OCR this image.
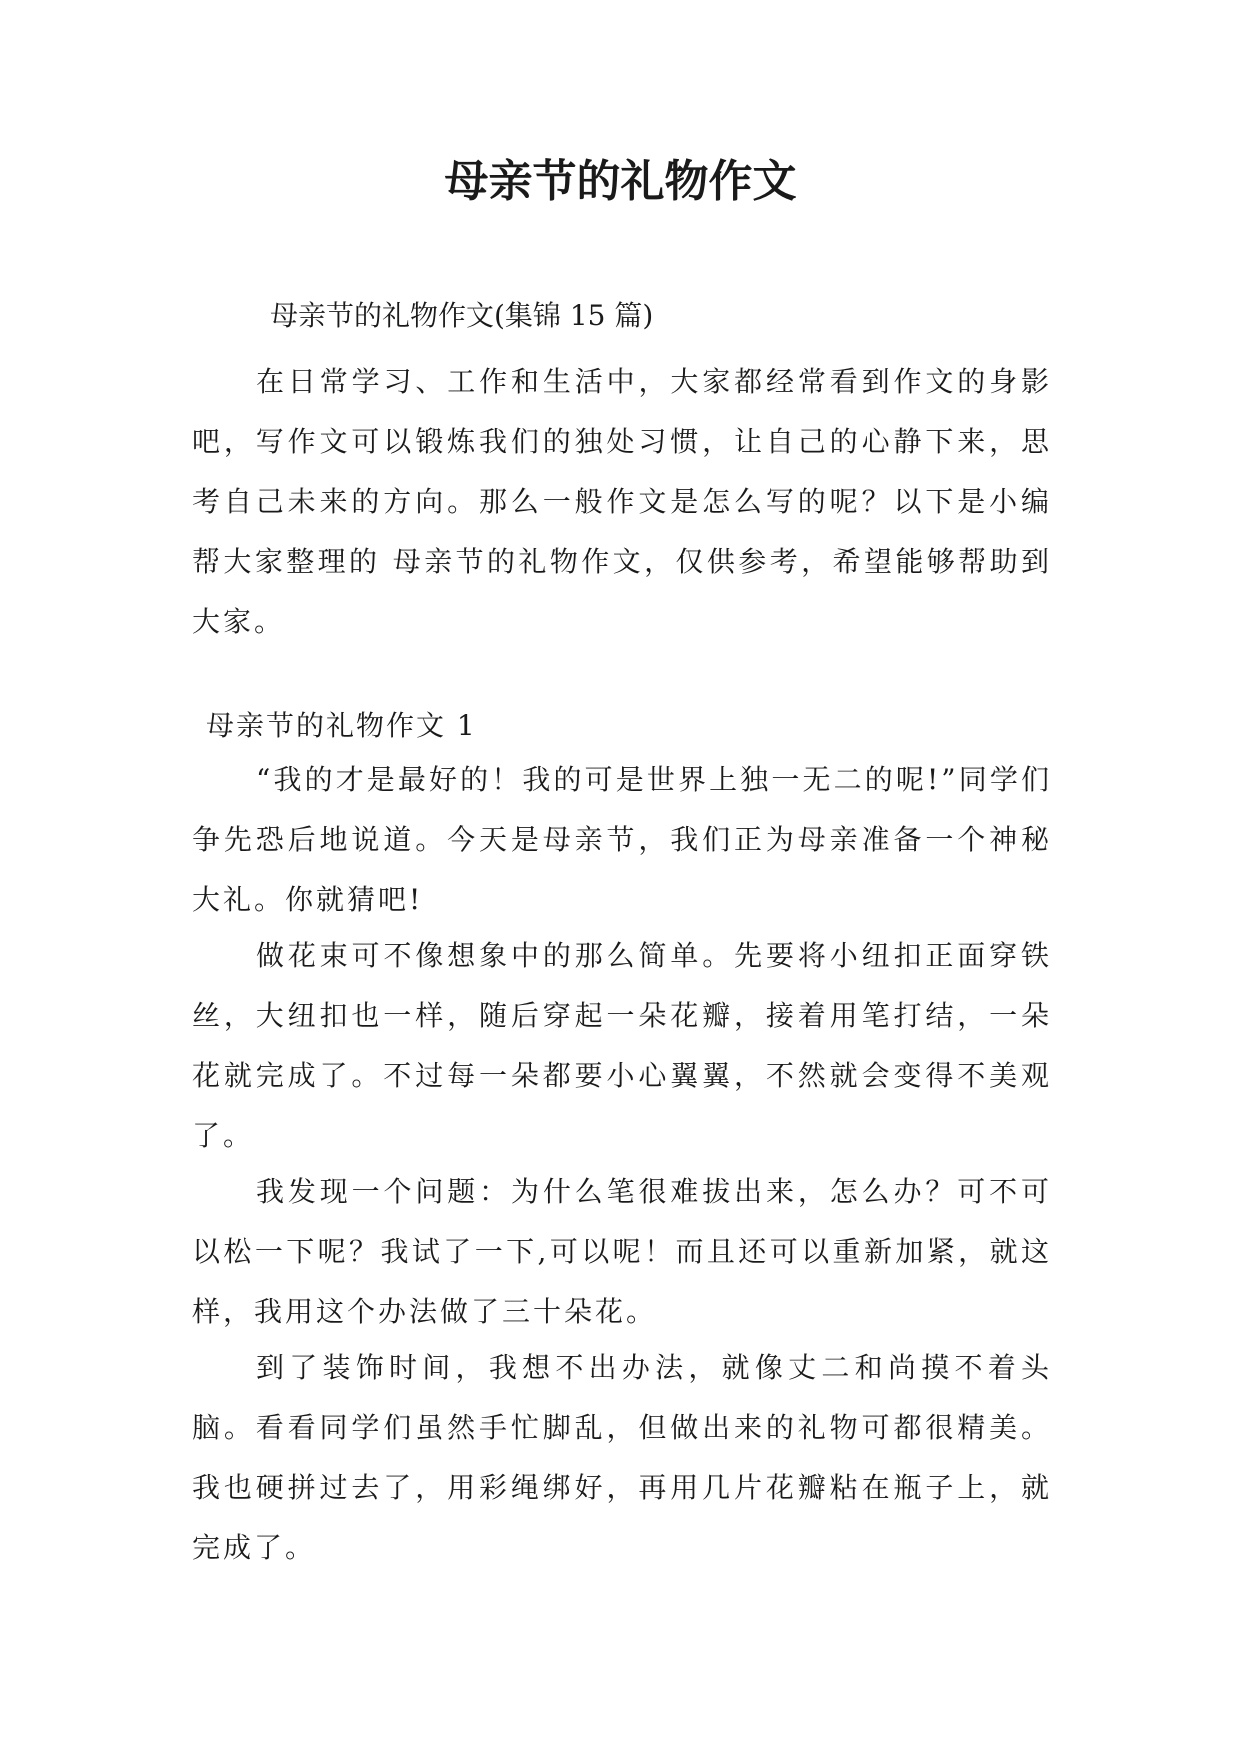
母亲节的礼物作文
母亲节的礼物作文(集锦 15 篇)

在日常学习、工作和生活中，大家都经常看到作文的身影吧，写作文可以锻炼我们的独处习惯，让自己的心静下来，思考自己未来的方向。那么一般作文是怎么写的呢？以下是小编帮大家整理的 母亲节的礼物作文，仅供参考，希望能够帮助到大家。

母亲节的礼物作文 1

“我的才是最好的！我的可是世界上独一无二的呢!”同学们争先恐后地说道。今天是母亲节，我们正为母亲准备一个神秘大礼。你就猜吧!

做花束可不像想象中的那么简单。先要将小纽扣正面穿铁丝，大纽扣也一样，随后穿起一朵花瓣，接着用笔打结，一朵花就完成了。不过每一朵都要小心翼翼，不然就会变得不美观了。

我发现一个问题：为什么笔很难拔出来，怎么办？可不可以松一下呢？我试了一下,可以呢！而且还可以重新加紧，就这样，我用这个办法做了三十朵花。

到了装饰时间，我想不出办法，就像丈二和尚摸不着头脑。看看同学们虽然手忙脚乱，但做出来的礼物可都很精美。我也硬拼过去了，用彩绳绑好，再用几片花瓣粘在瓶子上，就完成了。
